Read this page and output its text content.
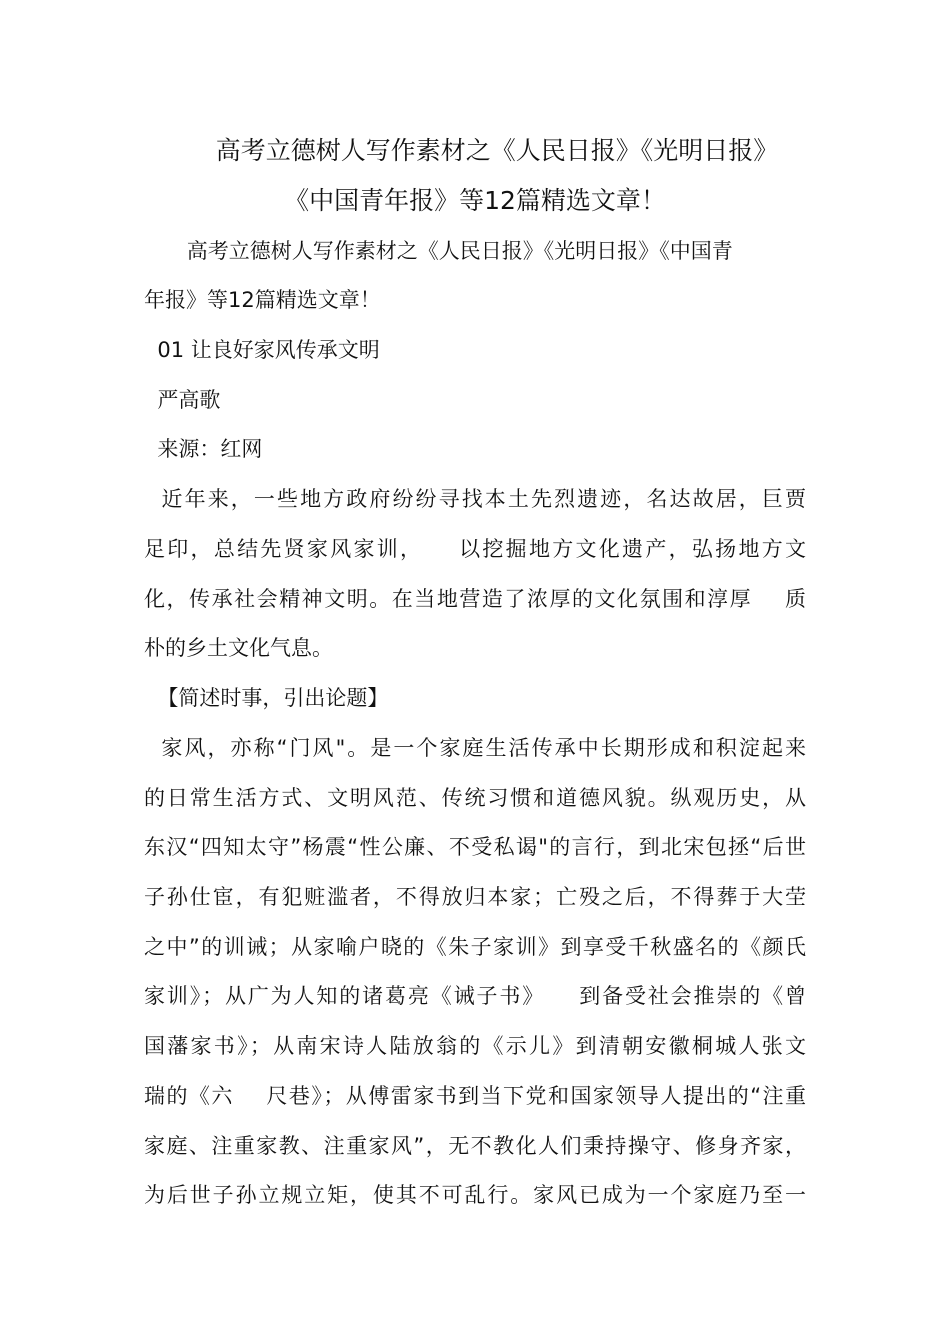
高考立德树人写作素材之《人民日报》《光明日报》
《中国青年报》等12篇精选文章！
高考立德树人写作素材之《人民日报》《光明日报》《中国青
年报》等12篇精选文章！
01 让良好家风传承文明
严高歌
来源：红网
近年来，一些地方政府纷纷寻找本土先烈遗迹，名达故居，巨贾
足印，总结先贤家风家训，    以挖掘地方文化遗产，弘扬地方文
化，传承社会精神文明。在当地营造了浓厚的文化氛围和淳厚    质
朴的乡土文化气息。
【简述时事，引出论题】
家风，亦称“门风"。是一个家庭生活传承中长期形成和积淀起来
的日常生活方式、文明风范、传统习惯和道德风貌。纵观历史，从
东汉“四知太守”杨震“性公廉、不受私谒"的言行，到北宋包拯“后世
子孙仕宦，有犯赃滥者，不得放归本家；亡殁之后，不得葬于大茔
之中”的训诫；从家喻户晓的《朱子家训》到享受千秋盛名的《颜氏
家训》；从广为人知的诸葛亮《诫子书》    到备受社会推崇的《曾
国藩家书》；从南宋诗人陆放翁的《示儿》到清朝安徽桐城人张文
瑞的《六    尺巷》；从傅雷家书到当下党和国家领导人提出的“注重
家庭、注重家教、注重家风”，无不教化人们秉持操守、修身齐家，
为后世子孙立规立矩，使其不可乱行。家风已成为一个家庭乃至一
